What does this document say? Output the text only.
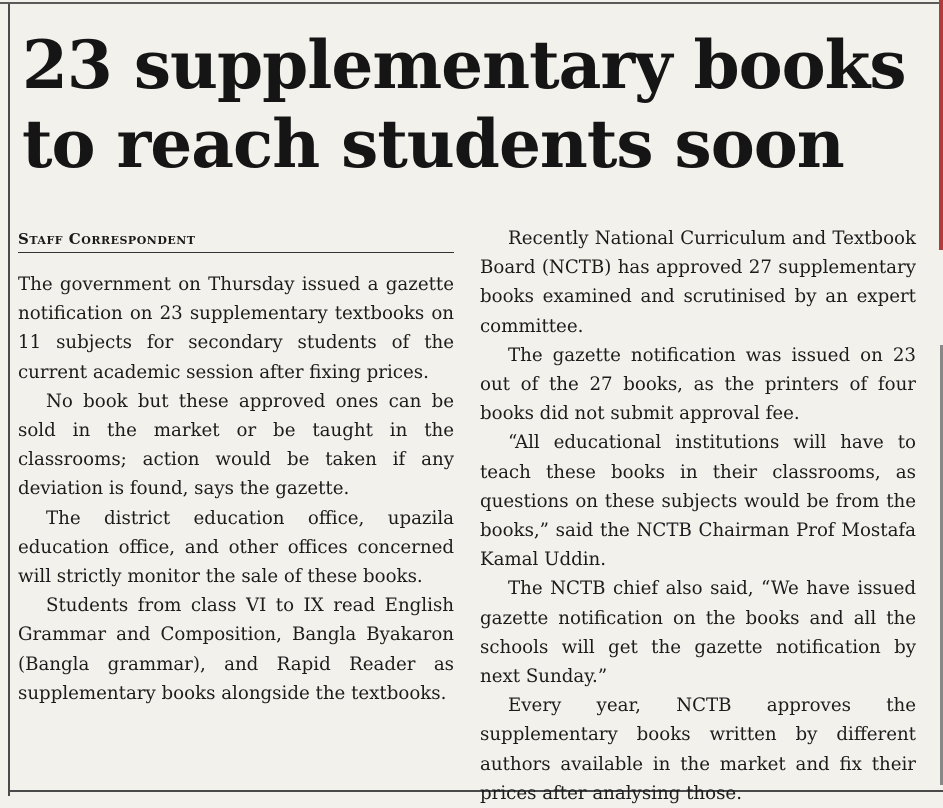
23 supplementary books to reach students soon
Staff Correspondent

The government on Thursday issued a gazette notification on 23 supplementary textbooks on 11 subjects for secondary students of the current academic session after fixing prices.

No book but these approved ones can be sold in the market or be taught in the classrooms; action would be taken if any deviation is found, says the gazette.

The district education office, upazila education office, and other offices concerned will strictly monitor the sale of these books.

Students from class VI to IX read English Grammar and Composition, Bangla Byakaron (Bangla grammar), and Rapid Reader as supplementary books alongside the textbooks.

Recently National Curriculum and Textbook Board (NCTB) has approved 27 supplementary books examined and scrutinised by an expert committee.

The gazette notification was issued on 23 out of the 27 books, as the printers of four books did not submit approval fee.

“All educational institutions will have to teach these books in their classrooms, as questions on these subjects would be from the books,” said the NCTB Chairman Prof Mostafa Kamal Uddin.

The NCTB chief also said, “We have issued gazette notification on the books and all the schools will get the gazette notification by next Sunday.”

Every year, NCTB approves the supplementary books written by different authors available in the market and fix their prices after analysing those.
